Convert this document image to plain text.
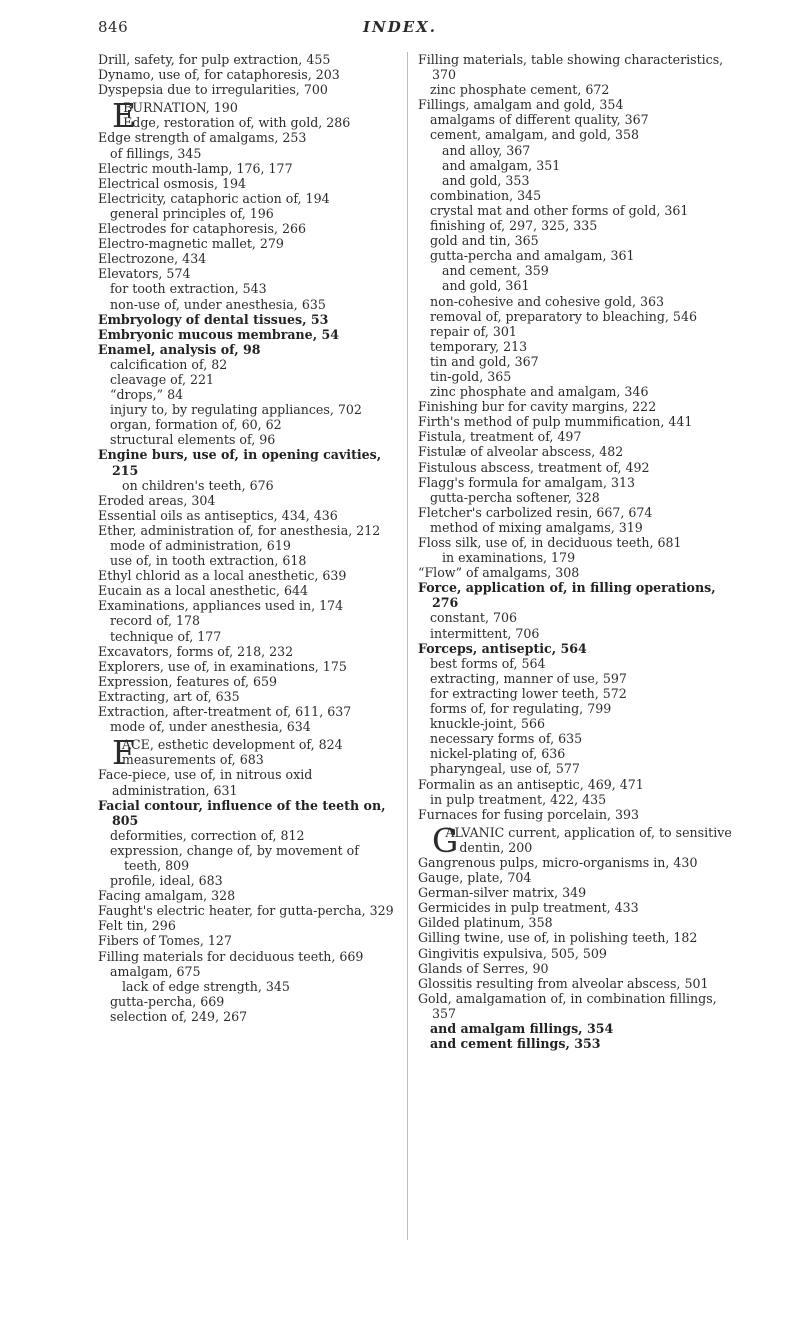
846	INDEX.

Drill, safety, for pulp extraction, 455

Dynamo, use of, for cataphoresis, 203

Dyspepsia due to irregularities, 700

E
BURNATION, 190

Edge, restoration of, with gold, 286

Edge strength of amalgams, 253

of fillings, 345

Electric mouth-lamp, 176, 177

Electrical osmosis, 194

Electricity, cataphoric action of, 194

general principles of, 196

Electrodes for cataphoresis, 266

Electro-magnetic mallet, 279

Electrozone, 434

Elevators, 574

for tooth extraction, 543

non-use of, under anesthesia, 635

Embryology of dental tissues, 53

Embryonic mucous membrane, 54

Enamel, analysis of, 98

calcification of, 82

cleavage of, 221

“drops,” 84

injury to, by regulating appliances, 702

organ, formation of, 60, 62

structural elements of, 96

Engine burs, use of, in opening cavities, 215

on children's teeth, 676

Eroded areas, 304

Essential oils as antiseptics, 434, 436

Ether, administration of, for anesthesia, 212

mode of administration, 619

use of, in tooth extraction, 618

Ethyl chlorid as a local anesthetic, 639

Eucain as a local anesthetic, 644

Examinations, appliances used in, 174

record of, 178

technique of, 177

Excavators, forms of, 218, 232

Explorers, use of, in examinations, 175

Expression, features of, 659

Extracting, art of, 635

Extraction, after-treatment of, 611, 637

mode of, under anesthesia, 634

F
ACE, esthetic development of, 824

measurements of, 683

Face-piece, use of, in nitrous oxid administration, 631

Facial contour, influence of the teeth on, 805

deformities, correction of, 812

expression, change of, by movement of teeth, 809

profile, ideal, 683

Facing amalgam, 328

Faught's electric heater, for gutta-percha, 329

Felt tin, 296

Fibers of Tomes, 127

Filling materials for deciduous teeth, 669

amalgam, 675

lack of edge strength, 345

gutta-percha, 669

selection of, 249, 267

Filling materials, table showing characteristics, 370

zinc phosphate cement, 672

Fillings, amalgam and gold, 354

amalgams of different quality, 367

cement, amalgam, and gold, 358

and alloy, 367

and amalgam, 351

and gold, 353

combination, 345

crystal mat and other forms of gold, 361

finishing of, 297, 325, 335

gold and tin, 365

gutta-percha and amalgam, 361

and cement, 359

and gold, 361

non-cohesive and cohesive gold, 363

removal of, preparatory to bleaching, 546

repair of, 301

temporary, 213

tin and gold, 367

tin-gold, 365

zinc phosphate and amalgam, 346

Finishing bur for cavity margins, 222

Firth's method of pulp mummification, 441

Fistula, treatment of, 497

Fistulæ of alveolar abscess, 482

Fistulous abscess, treatment of, 492

Flagg's formula for amalgam, 313

gutta-percha softener, 328

Fletcher's carbolized resin, 667, 674

method of mixing amalgams, 319

Floss silk, use of, in deciduous teeth, 681

in examinations, 179

“Flow” of amalgams, 308

Force, application of, in filling operations, 276

constant, 706

intermittent, 706

Forceps, antiseptic, 564

best forms of, 564

extracting, manner of use, 597

for extracting lower teeth, 572

forms of, for regulating, 799

knuckle-joint, 566

necessary forms of, 635

nickel-plating of, 636

pharyngeal, use of, 577

Formalin as an antiseptic, 469, 471

in pulp treatment, 422, 435

Furnaces for fusing porcelain, 393

G
ALVANIC current, application of, to sensitive dentin, 200

Gangrenous pulps, micro-organisms in, 430

Gauge, plate, 704

German-silver matrix, 349

Germicides in pulp treatment, 433

Gilded platinum, 358

Gilling twine, use of, in polishing teeth, 182

Gingivitis expulsiva, 505, 509

Glands of Serres, 90

Glossitis resulting from alveolar abscess, 501

Gold, amalgamation of, in combination fillings, 357

and amalgam fillings, 354

and cement fillings, 353
